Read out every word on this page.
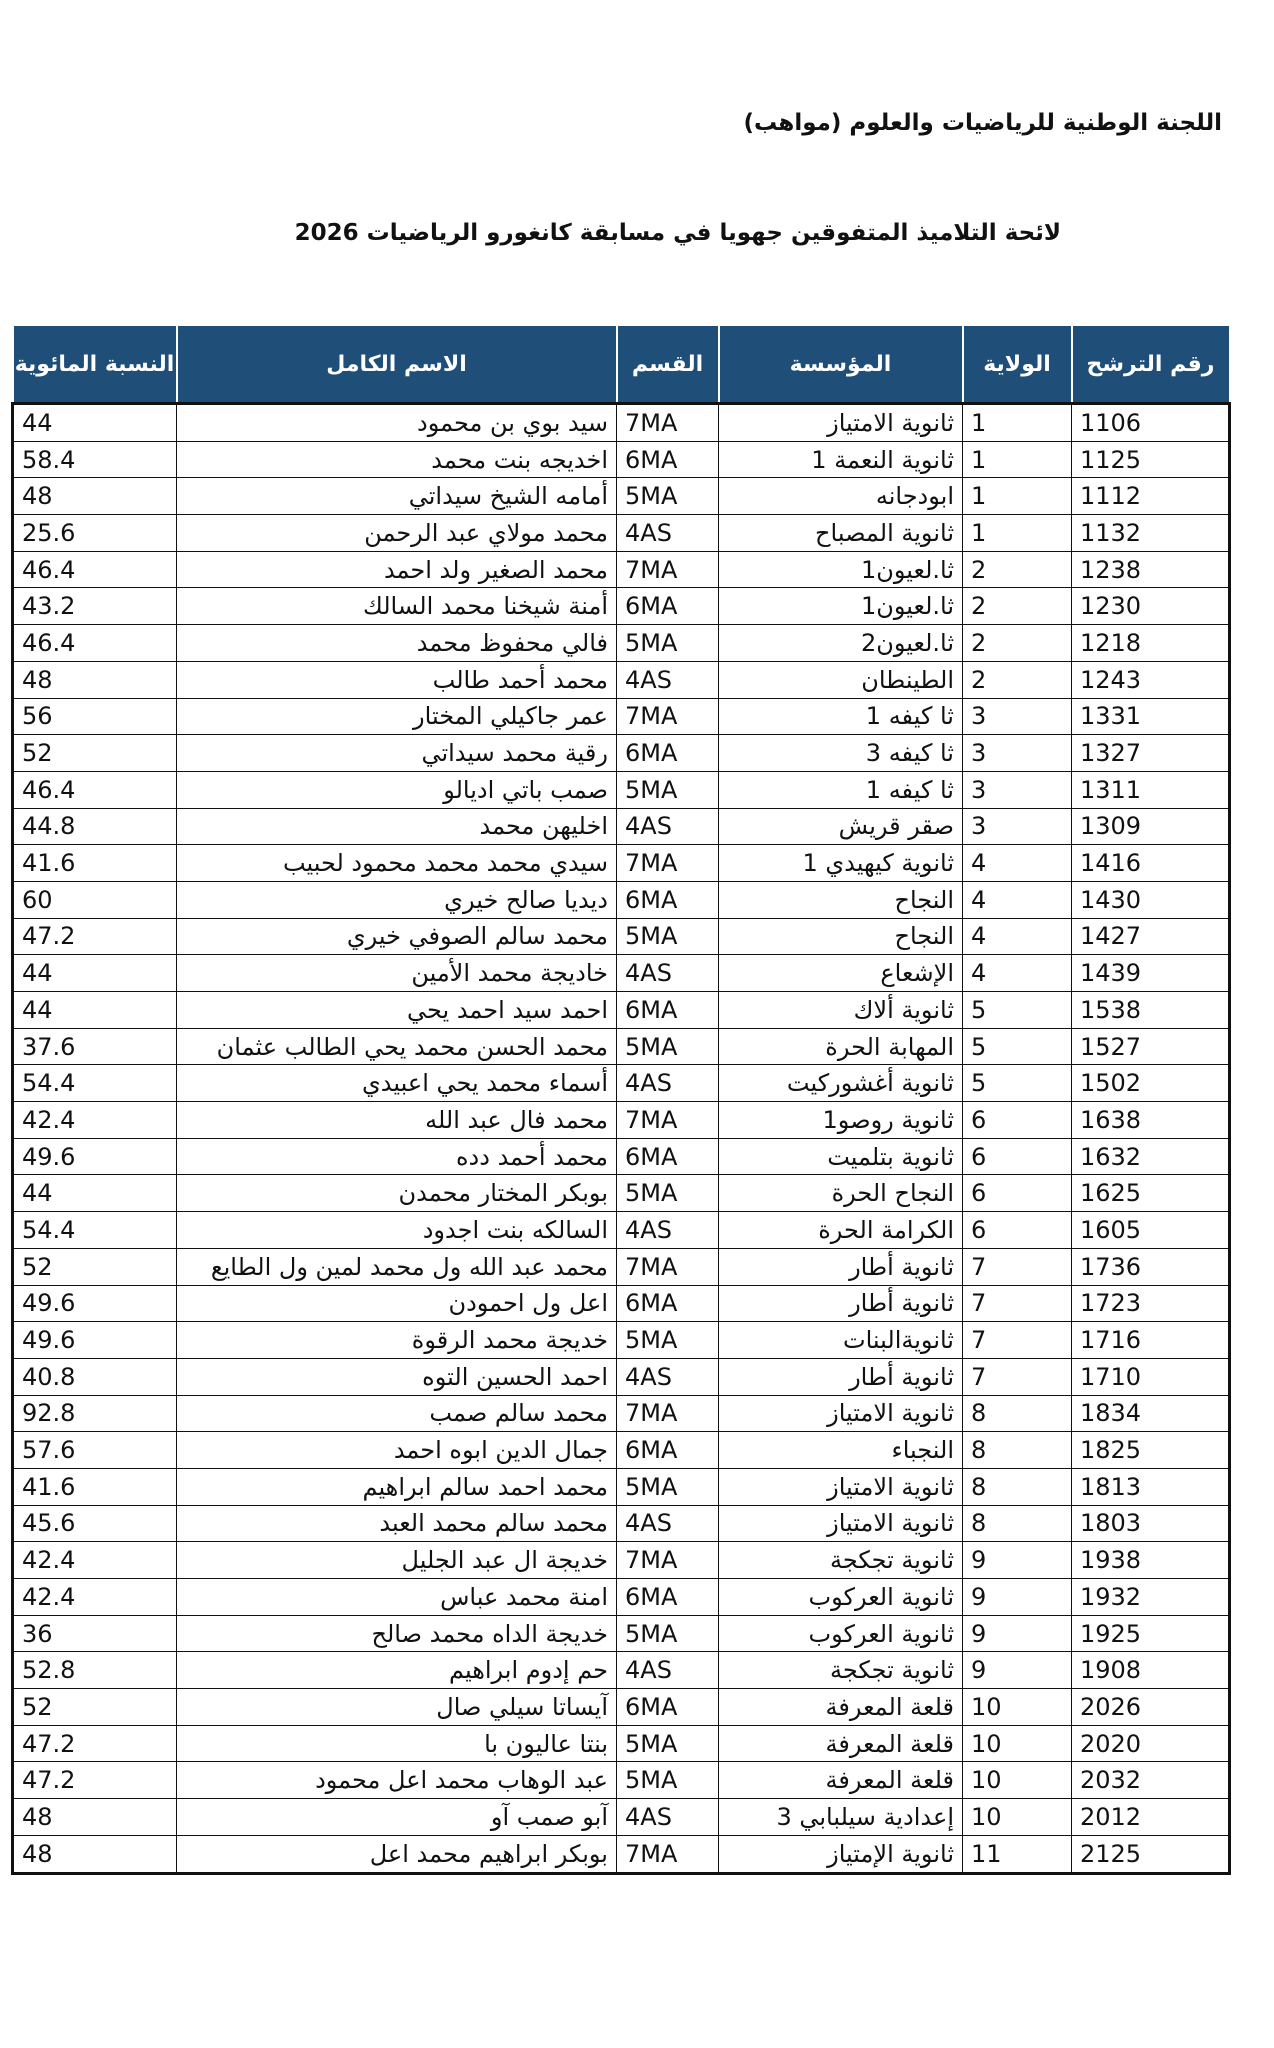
اللجنة الوطنية للرياضيات والعلوم (مواهب)
لائحة التلاميذ المتفوقين جهويا في مسابقة كانغورو الرياضيات 2026
رقم الترشح	الولاية	المؤسسة	القسم	الاسم الكامل	النسبة المائوية
1106	1	ثانوية الامتياز	7MA	سيد بوي بن محمود	44
1125	1	ثانوية النعمة 1	6MA	اخديجه بنت محمد	58.4
1112	1	ابودجانه	5MA	أمامه الشيخ سيداتي	48
1132	1	ثانوية المصباح	4AS	محمد مولاي عبد الرحمن	25.6
1238	2	ثا.لعيون1	7MA	محمد الصغير ولد احمد	46.4
1230	2	ثا.لعيون1	6MA	أمنة شيخنا محمد السالك	43.2
1218	2	ثا.لعيون2	5MA	فالي محفوظ محمد	46.4
1243	2	الطينطان	4AS	محمد أحمد طالب	48
1331	3	ثا كيفه 1	7MA	عمر جاكيلي المختار	56
1327	3	ثا كيفه 3	6MA	رقية محمد سيداتي	52
1311	3	ثا كيفه 1	5MA	صمب باتي اديالو	46.4
1309	3	صقر قريش	4AS	اخليهن محمد	44.8
1416	4	ثانوية كيهيدي 1	7MA	سيدي محمد محمد محمود لحبيب	41.6
1430	4	النجاح	6MA	ديديا صالح خيري	60
1427	4	النجاح	5MA	محمد سالم الصوفي خيري	47.2
1439	4	الإشعاع	4AS	خاديجة محمد الأمين	44
1538	5	ثانوية ألاك	6MA	احمد سيد احمد يحي	44
1527	5	المهابة الحرة	5MA	محمد الحسن محمد يحي الطالب عثمان	37.6
1502	5	ثانوية أغشوركيت	4AS	أسماء محمد يحي اعبيدي	54.4
1638	6	ثانوية روصو1	7MA	محمد فال عبد الله	42.4
1632	6	ثانوية بتلميت	6MA	محمد أحمد دده	49.6
1625	6	النجاح الحرة	5MA	بوبكر المختار محمدن	44
1605	6	الكرامة الحرة	4AS	السالكه بنت اجدود	54.4
1736	7	ثانوية أطار	7MA	محمد عبد الله ول محمد لمين ول الطايع	52
1723	7	ثانوية أطار	6MA	اعل ول احمودن	49.6
1716	7	ثانويةالبنات	5MA	خديجة محمد الرقوة	49.6
1710	7	ثانوية أطار	4AS	احمد الحسين التوه	40.8
1834	8	ثانوية الامتياز	7MA	محمد سالم صمب	92.8
1825	8	النجباء	6MA	جمال الدين ابوه احمد	57.6
1813	8	ثانوية الامتياز	5MA	محمد احمد سالم ابراهيم	41.6
1803	8	ثانوية الامتياز	4AS	محمد سالم محمد العبد	45.6
1938	9	ثانوية تجكجة	7MA	خديجة ال عبد الجليل	42.4
1932	9	ثانوية العركوب	6MA	امنة محمد عباس	42.4
1925	9	ثانوية العركوب	5MA	خديجة الداه محمد صالح	36
1908	9	ثانوية تجكجة	4AS	حم إدوم ابراهيم	52.8
2026	10	قلعة المعرفة	6MA	آيساتا سيلي صال	52
2020	10	قلعة المعرفة	5MA	بنتا عاليون با	47.2
2032	10	قلعة المعرفة	5MA	عبد الوهاب محمد اعل محمود	47.2
2012	10	إعدادية سيلبابي 3	4AS	آبو صمب آو	48
2125	11	ثانوية الإمتياز	7MA	بوبكر ابراهيم محمد اعل	48
